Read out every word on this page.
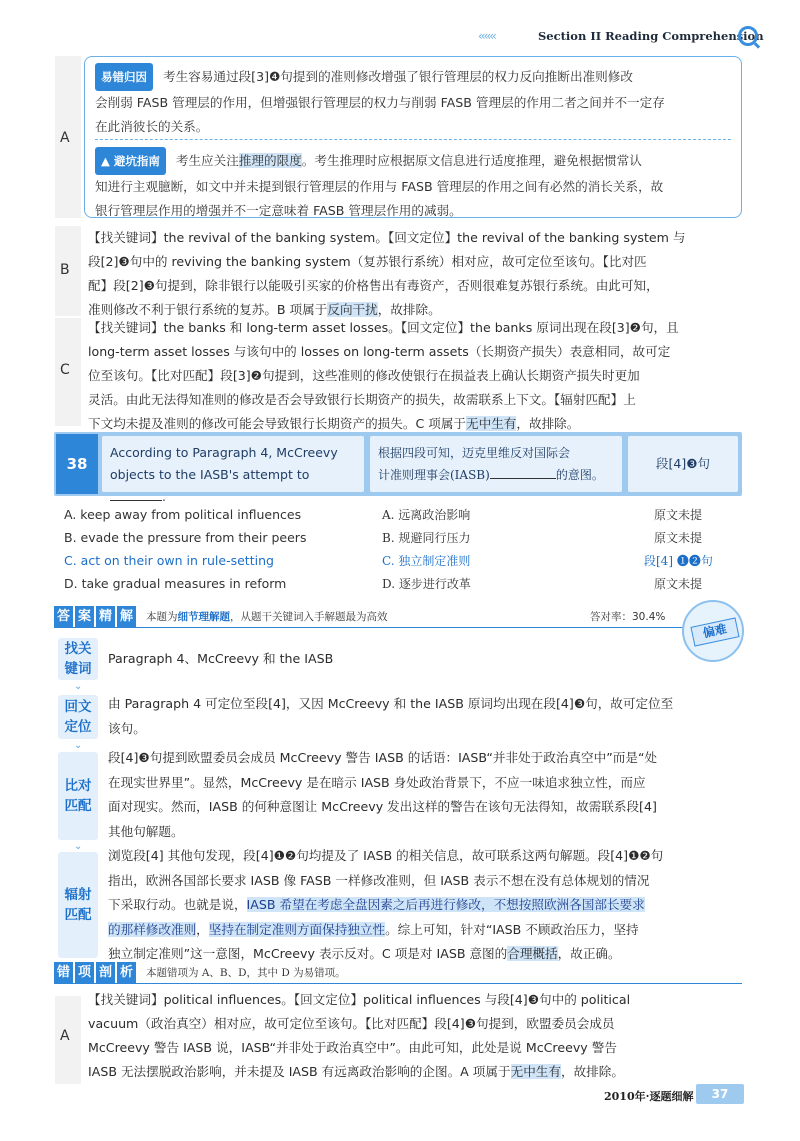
‹‹‹‹‹‹	Section II Reading Comprehension
A
易错归因 考生容易通过段[3]❹句提到的准则修改增强了银行管理层的权力反向推断出准则修改
会削弱 FASB 管理层的作用，但增强银行管理层的权力与削弱 FASB 管理层的作用二者之间并不一定存
在此消彼长的关系。
▲ 避坑指南 考生应关注推理的限度。考生推理时应根据原文信息进行适度推理，避免根据惯常认
知进行主观臆断，如文中并未提到银行管理层的作用与 FASB 管理层的作用之间有必然的消长关系，故
银行管理层作用的增强并不一定意味着 FASB 管理层作用的减弱。
B
【找关键词】the revival of the banking system。【回文定位】the revival of the banking system 与
段[2]❸句中的 reviving the banking system（复苏银行系统）相对应，故可定位至该句。【比对匹
配】段[2]❸句提到，除非银行以能吸引买家的价格售出有毒资产，否则很难复苏银行系统。由此可知，
准则修改不利于银行系统的复苏。B 项属于反向干扰，故排除。
C
【找关键词】the banks 和 long-term asset losses。【回文定位】the banks 原词出现在段[3]❷句，且
long-term asset losses 与该句中的 losses on long-term assets（长期资产损失）表意相同，故可定
位至该句。【比对匹配】段[3]❷句提到，这些准则的修改使银行在损益表上确认长期资产损失时更加
灵活。由此无法得知准则的修改是否会导致银行长期资产的损失，故需联系上下文。【辐射匹配】上
下文均未提及准则的修改可能会导致银行长期资产的损失。C 项属于无中生有，故排除。
38
According to Paragraph 4, McCreevy
objects to the IASB's attempt to .
根据四段可知，迈克里维反对国际会
计准则理事会(IASB)	的意图。
段[4]❸句
A. keep away from political influences	A. 远离政治影响	原文未提
B. evade the pressure from their peers	B. 规避同行压力	原文未提
C. act on their own in rule-setting	C. 独立制定准则	段[4] ❶❷句
D. take gradual measures in reform	D. 逐步进行改革	原文未提
答 案 精 解 本题为细节理解题，从题干关键词入手解题最为高效	答对率：30.4%
偏难
找关
键词
⌄
Paragraph 4、McCreevy 和 the IASB
回文
定位
⌄
由 Paragraph 4 可定位至段[4]，又因 McCreevy 和 the IASB 原词均出现在段[4]❸句，故可定位至
该句。
比对
匹配
⌄
段[4]❸句提到欧盟委员会成员 McCreevy 警告 IASB 的话语：IASB“并非处于政治真空中”而是“处
在现实世界里”。显然，McCreevy 是在暗示 IASB 身处政治背景下，不应一味追求独立性，而应
面对现实。然而，IASB 的何种意图让 McCreevy 发出这样的警告在该句无法得知，故需联系段[4]
其他句解题。
辐射
匹配
浏览段[4] 其他句发现，段[4]❶❷句均提及了 IASB 的相关信息，故可联系这两句解题。段[4]❶❷句
指出，欧洲各国部长要求 IASB 像 FASB 一样修改准则，但 IASB 表示不想在没有总体规划的情况
下采取行动。也就是说，IASB 希望在考虑全盘因素之后再进行修改，不想按照欧洲各国部长要求
的那样修改准则，坚持在制定准则方面保持独立性。综上可知，针对“IASB 不顾政治压力，坚持
独立制定准则”这一意图，McCreevy 表示反对。C 项是对 IASB 意图的合理概括，故正确。
错 项 剖 析 本题错项为 A、B、D，其中 D 为易错项。
A
【找关键词】political influences。【回文定位】political influences 与段[4]❸句中的 political
vacuum（政治真空）相对应，故可定位至该句。【比对匹配】段[4]❸句提到，欧盟委员会成员
McCreevy 警告 IASB 说，IASB“并非处于政治真空中”。由此可知，此处是说 McCreevy 警告
IASB 无法摆脱政治影响，并未提及 IASB 有远离政治影响的企图。A 项属于无中生有，故排除。
2010年·逐题细解	37
